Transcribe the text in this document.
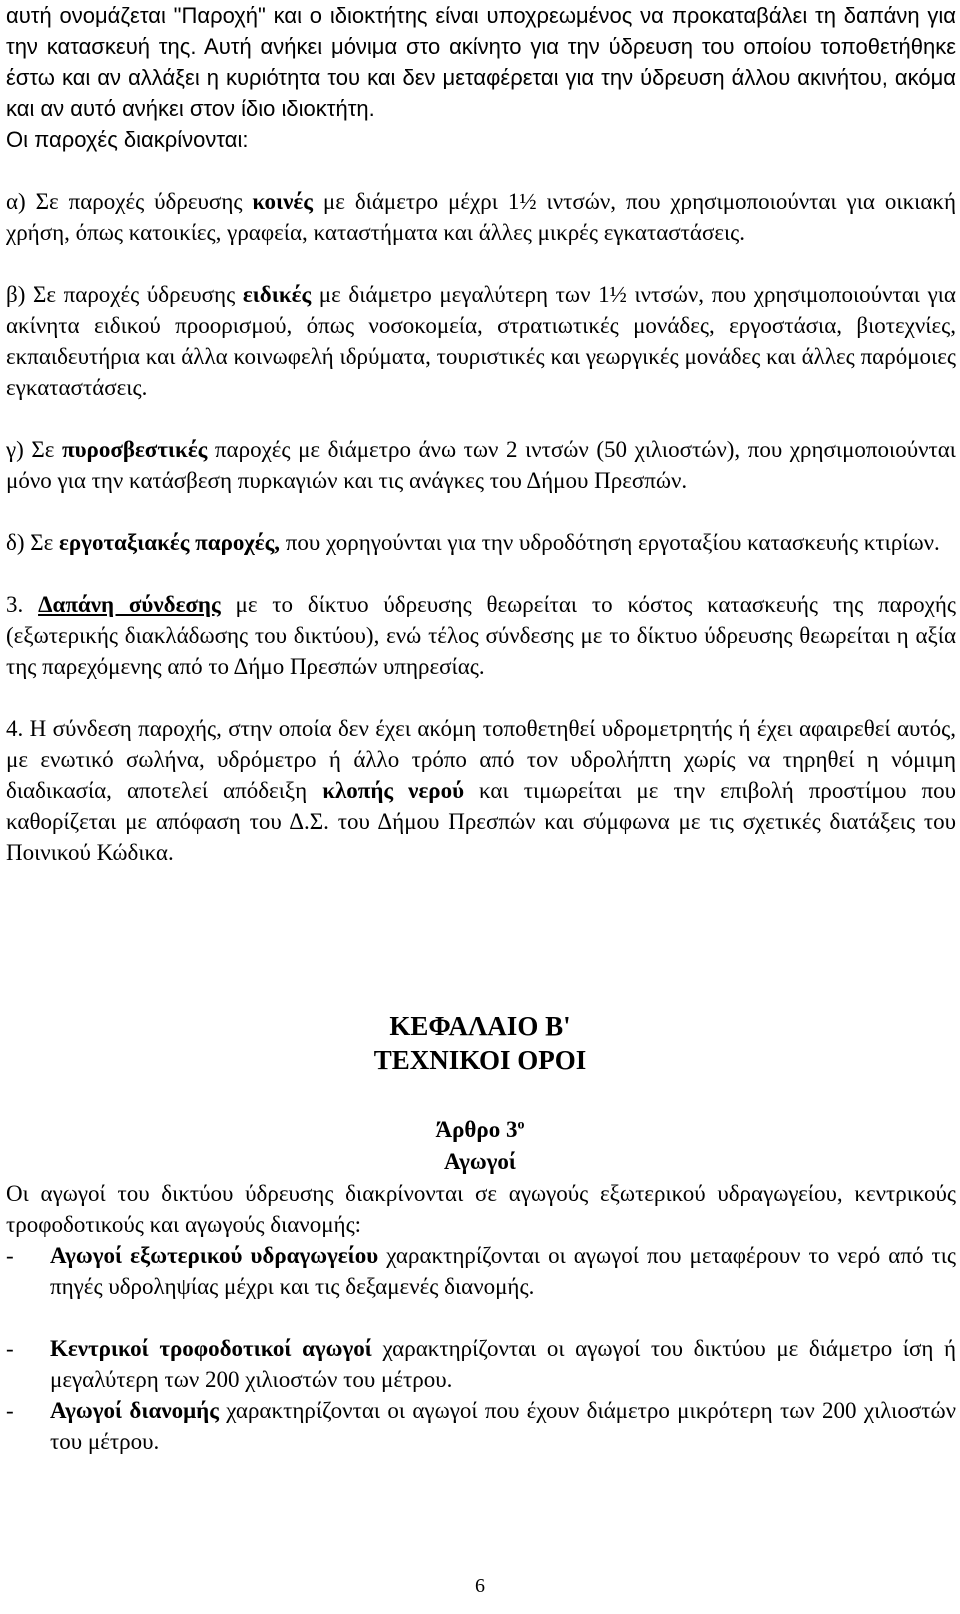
αυτή ονομάζεται "Παροχή" και ο ιδιοκτήτης είναι υποχρεωμένος να προκαταβάλει τη δαπάνη για την κατασκευή της. Αυτή ανήκει μόνιμα στο ακίνητο για την ύδρευση του οποίου τοποθετήθηκε έστω και αν αλλάξει η κυριότητα του και δεν μεταφέρεται για την ύδρευση άλλου ακινήτου, ακόμα και αν αυτό ανήκει στον ίδιο ιδιοκτήτη.
Οι παροχές διακρίνονται:

α) Σε παροχές ύδρευσης κοινές με διάμετρο μέχρι 1½ ιντσών, που χρησιμοποιούνται για οικιακή χρήση, όπως κατοικίες, γραφεία, καταστήματα και άλλες μικρές εγκαταστάσεις.

β) Σε παροχές ύδρευσης ειδικές με διάμετρο μεγαλύτερη των 1½ ιντσών, που χρησιμοποιούνται για ακίνητα ειδικού προορισμού, όπως νοσοκομεία, στρατιωτικές μονάδες, εργοστάσια, βιοτεχνίες, εκπαιδευτήρια και άλλα κοινωφελή ιδρύματα, τουριστικές και γεωργικές μονάδες και άλλες παρόμοιες εγκαταστάσεις.

γ) Σε πυροσβεστικές παροχές με διάμετρο άνω των 2 ιντσών (50 χιλιοστών), που χρησιμοποιούνται μόνο για την κατάσβεση πυρκαγιών και τις ανάγκες του Δήμου Πρεσπών.

δ) Σε εργοταξιακές παροχές, που χορηγούνται για την υδροδότηση εργοταξίου κατασκευής κτιρίων.

3. Δαπάνη σύνδεσης με το δίκτυο ύδρευσης θεωρείται το κόστος κατασκευής της παροχής (εξωτερικής διακλάδωσης του δικτύου), ενώ τέλος σύνδεσης με το δίκτυο ύδρευσης θεωρείται η αξία της παρεχόμενης από το Δήμο Πρεσπών υπηρεσίας.

4. Η σύνδεση παροχής, στην οποία δεν έχει ακόμη τοποθετηθεί υδρομετρητής ή έχει αφαιρεθεί αυτός, με ενωτικό σωλήνα, υδρόμετρο ή άλλο τρόπο από τον υδρολήπτη χωρίς να τηρηθεί η νόμιμη διαδικασία, αποτελεί απόδειξη κλοπής νερού και τιμωρείται με την επιβολή προστίμου που καθορίζεται με απόφαση του Δ.Σ. του Δήμου Πρεσπών και σύμφωνα με τις σχετικές διατάξεις του Ποινικού Κώδικα.

ΚΕΦΑΛΑΙΟ Β'
ΤΕΧΝΙΚΟΙ ΟΡΟΙ
Άρθρο $3^o$
Αγωγοί

Οι αγωγοί του δικτύου ύδρευσης διακρίνονται σε αγωγούς εξωτερικού υδραγωγείου, κεντρικούς τροφοδοτικούς και αγωγούς διανομής:

- Αγωγοί εξωτερικού υδραγωγείου χαρακτηρίζονται οι αγωγοί που μεταφέρουν το νερό από τις πηγές υδροληψίας μέχρι και τις δεξαμενές διανομής.
- Κεντρικοί τροφοδοτικοί αγωγοί χαρακτηρίζονται οι αγωγοί του δικτύου με διάμετρο ίση ή μεγαλύτερη των 200 χιλιοστών του μέτρου.
- Αγωγοί διανομής χαρακτηρίζονται οι αγωγοί που έχουν διάμετρο μικρότερη των 200 χιλιοστών του μέτρου.
6
